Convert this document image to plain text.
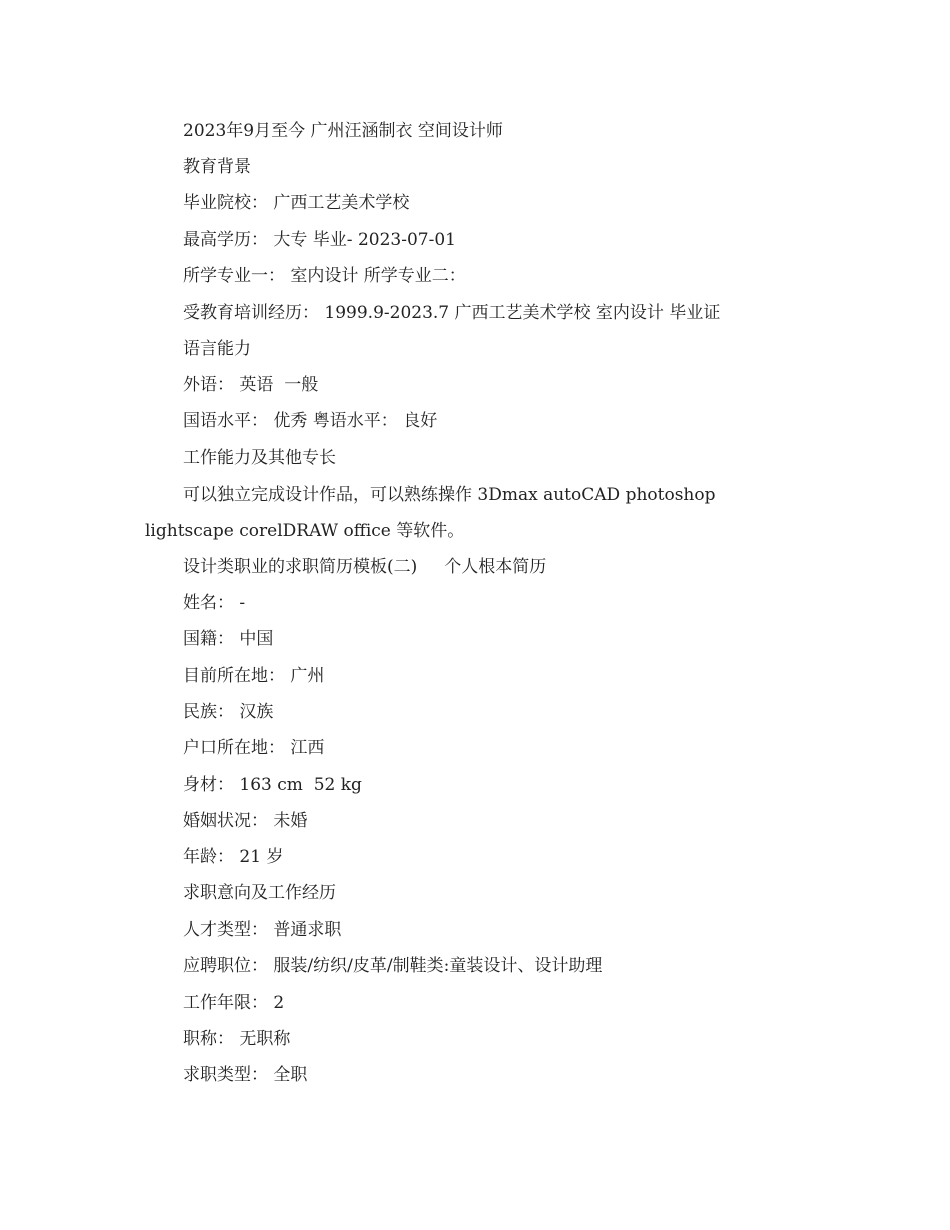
2023年9月至今 广州汪涵制衣 空间设计师
教育背景
毕业院校： 广西工艺美术学校
最高学历： 大专 毕业- 2023-07-01
所学专业一： 室内设计 所学专业二：
受教育培训经历： 1999.9-2023.7 广西工艺美术学校 室内设计 毕业证
语言能力
外语： 英语  一般
国语水平： 优秀 粤语水平： 良好
工作能力及其他专长
可以独立完成设计作品，可以熟练操作 3Dmax autoCAD photoshop
lightscape corelDRAW office 等软件。
设计类职业的求职简历模板(二)     个人根本简历
姓名： -
国籍： 中国
目前所在地： 广州
民族： 汉族
户口所在地： 江西
身材： 163 cm  52 kg
婚姻状况： 未婚
年龄： 21 岁
求职意向及工作经历
人才类型： 普通求职
应聘职位： 服装/纺织/皮革/制鞋类:童装设计、设计助理
工作年限： 2
职称： 无职称
求职类型： 全职
